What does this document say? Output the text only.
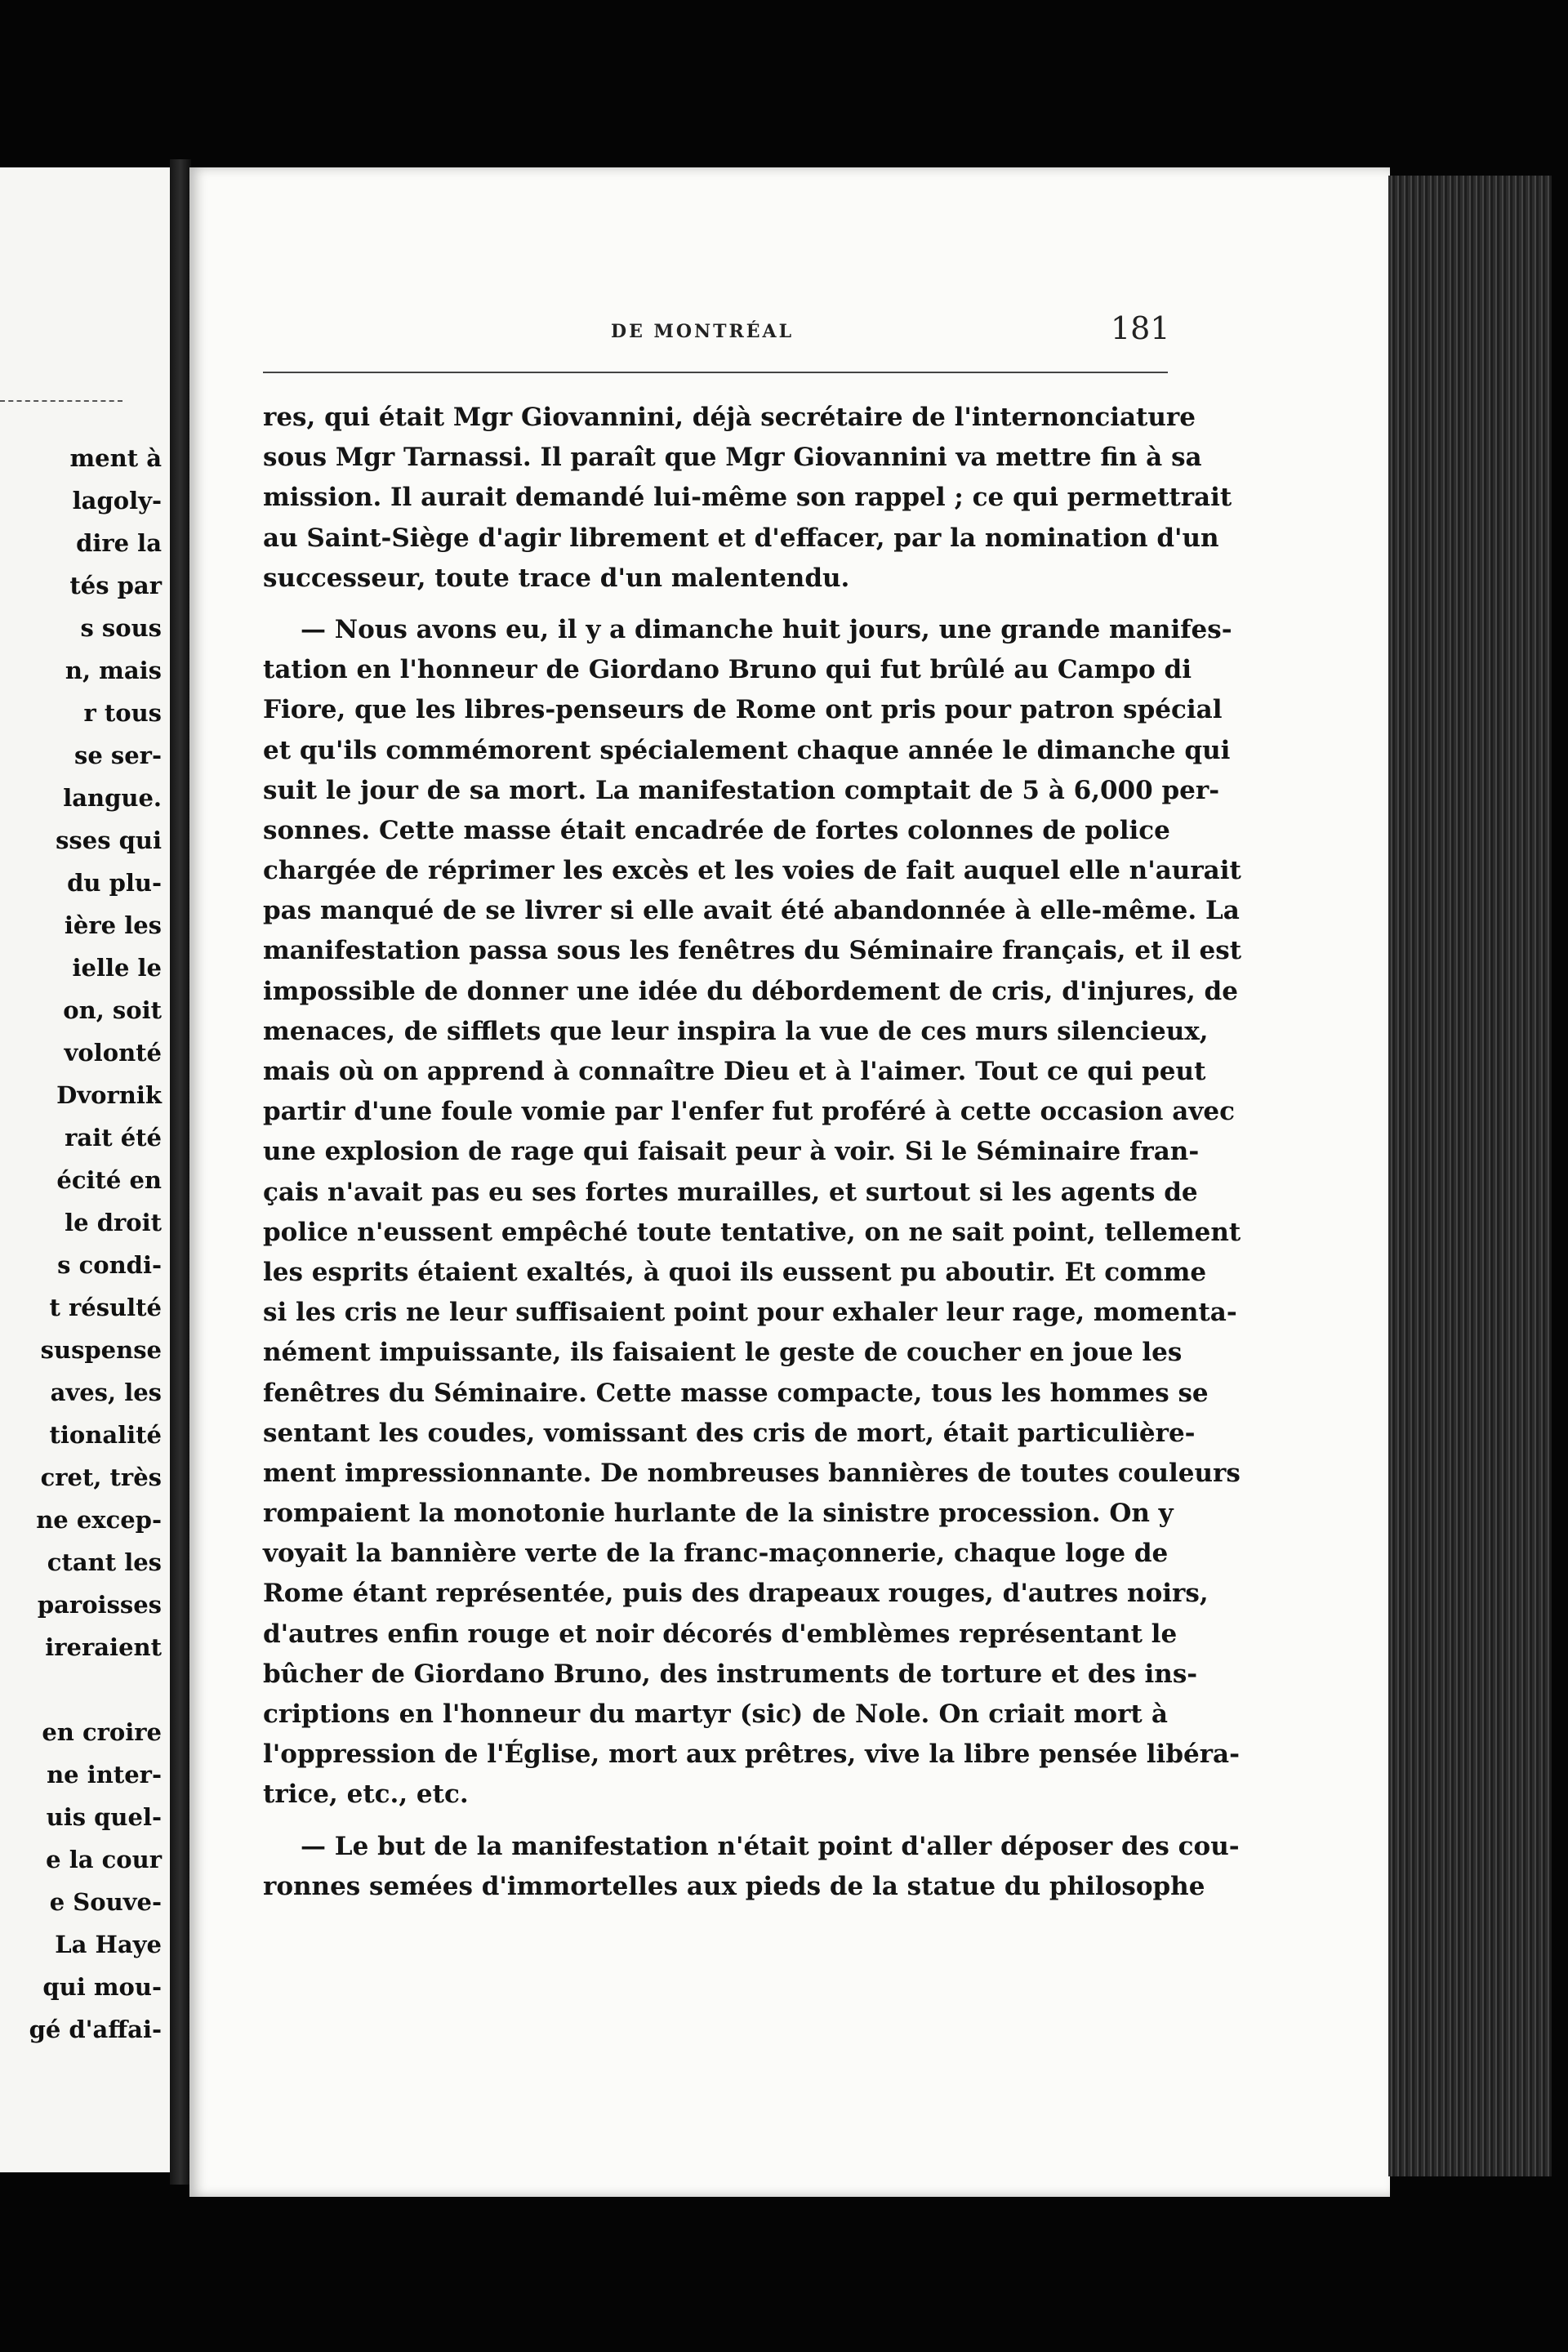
ment à
lagoly-
dire la
tés par
s sous
n, mais
r tous
se ser-
langue.
sses qui
du plu-
ière les
ielle le
on, soit
volonté
Dvornik
rait été
écité en
le droit
s condi-
t résulté
suspense
aves, les
tionalité
cret, très
ne excep-
ctant les
paroisses
ireraient
en croire
ne inter-
uis quel-
e la cour
e Souve-
La Haye
qui mou-
gé d'affai-
DE MONTRÉAL	181

res, qui était Mgr Giovannini, déjà secrétaire de l'internonciature
sous Mgr Tarnassi. Il paraît que Mgr Giovannini va mettre fin à sa
mission. Il aurait demandé lui-même son rappel ; ce qui permettrait
au Saint-Siège d'agir librement et d'effacer, par la nomination d'un
successeur, toute trace d'un malentendu.

— Nous avons eu, il y a dimanche huit jours, une grande manifes-
tation en l'honneur de Giordano Bruno qui fut brûlé au Campo di
Fiore, que les libres-penseurs de Rome ont pris pour patron spécial
et qu'ils commémorent spécialement chaque année le dimanche qui
suit le jour de sa mort. La manifestation comptait de 5 à 6,000 per-
sonnes. Cette masse était encadrée de fortes colonnes de police
chargée de réprimer les excès et les voies de fait auquel elle n'aurait
pas manqué de se livrer si elle avait été abandonnée à elle-même. La
manifestation passa sous les fenêtres du Séminaire français, et il est
impossible de donner une idée du débordement de cris, d'injures, de
menaces, de sifflets que leur inspira la vue de ces murs silencieux,
mais où on apprend à connaître Dieu et à l'aimer. Tout ce qui peut
partir d'une foule vomie par l'enfer fut proféré à cette occasion avec
une explosion de rage qui faisait peur à voir. Si le Séminaire fran-
çais n'avait pas eu ses fortes murailles, et surtout si les agents de
police n'eussent empêché toute tentative, on ne sait point, tellement
les esprits étaient exaltés, à quoi ils eussent pu aboutir. Et comme
si les cris ne leur suffisaient point pour exhaler leur rage, momenta-
nément impuissante, ils faisaient le geste de coucher en joue les
fenêtres du Séminaire. Cette masse compacte, tous les hommes se
sentant les coudes, vomissant des cris de mort, était particulière-
ment impressionnante. De nombreuses bannières de toutes couleurs
rompaient la monotonie hurlante de la sinistre procession. On y
voyait la bannière verte de la franc-maçonnerie, chaque loge de
Rome étant représentée, puis des drapeaux rouges, d'autres noirs,
d'autres enfin rouge et noir décorés d'emblèmes représentant le
bûcher de Giordano Bruno, des instruments de torture et des ins-
criptions en l'honneur du martyr (sic) de Nole. On criait mort à
l'oppression de l'Église, mort aux prêtres, vive la libre pensée libéra-
trice, etc., etc.

— Le but de la manifestation n'était point d'aller déposer des cou-
ronnes semées d'immortelles aux pieds de la statue du philosophe
